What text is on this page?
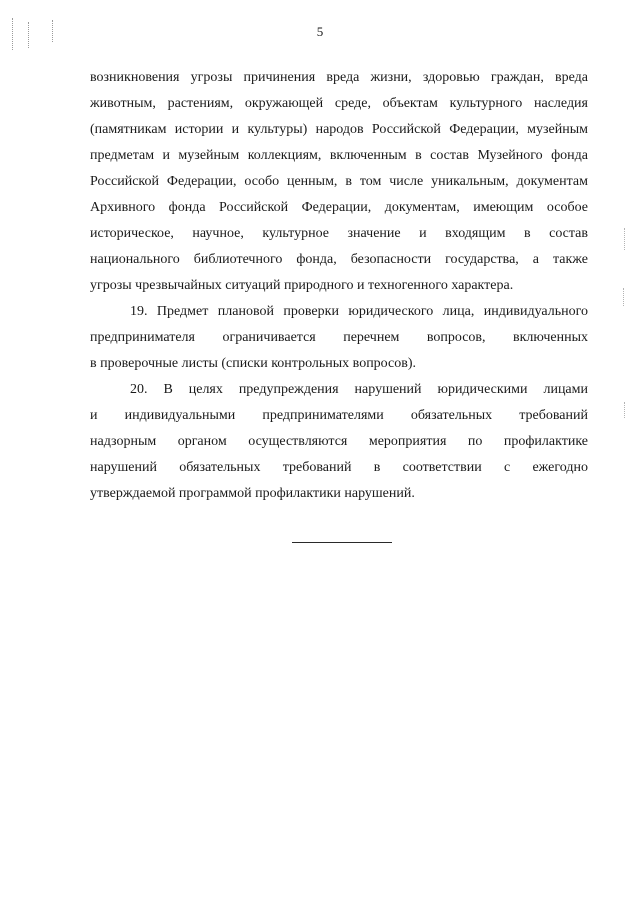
5
возникновения угрозы причинения вреда жизни, здоровью граждан, вреда
животным, растениям, окружающей среде, объектам культурного наследия
(памятникам истории и культуры) народов Российской Федерации, музейным
предметам и музейным коллекциям, включенным в состав Музейного фонда
Российской Федерации, особо ценным, в том числе уникальным, документам
Архивного фонда Российской Федерации, документам, имеющим особое
историческое, научное, культурное значение и входящим в состав
национального библиотечного фонда, безопасности государства, а также
угрозы чрезвычайных ситуаций природного и техногенного характера.
19. Предмет плановой проверки юридического лица, индивидуального
предпринимателя ограничивается перечнем вопросов, включенных
в проверочные листы (списки контрольных вопросов).
20. В целях предупреждения нарушений юридическими лицами
и индивидуальными предпринимателями обязательных требований
надзорным органом осуществляются мероприятия по профилактике
нарушений обязательных требований в соответствии с ежегодно
утверждаемой программой профилактики нарушений.
